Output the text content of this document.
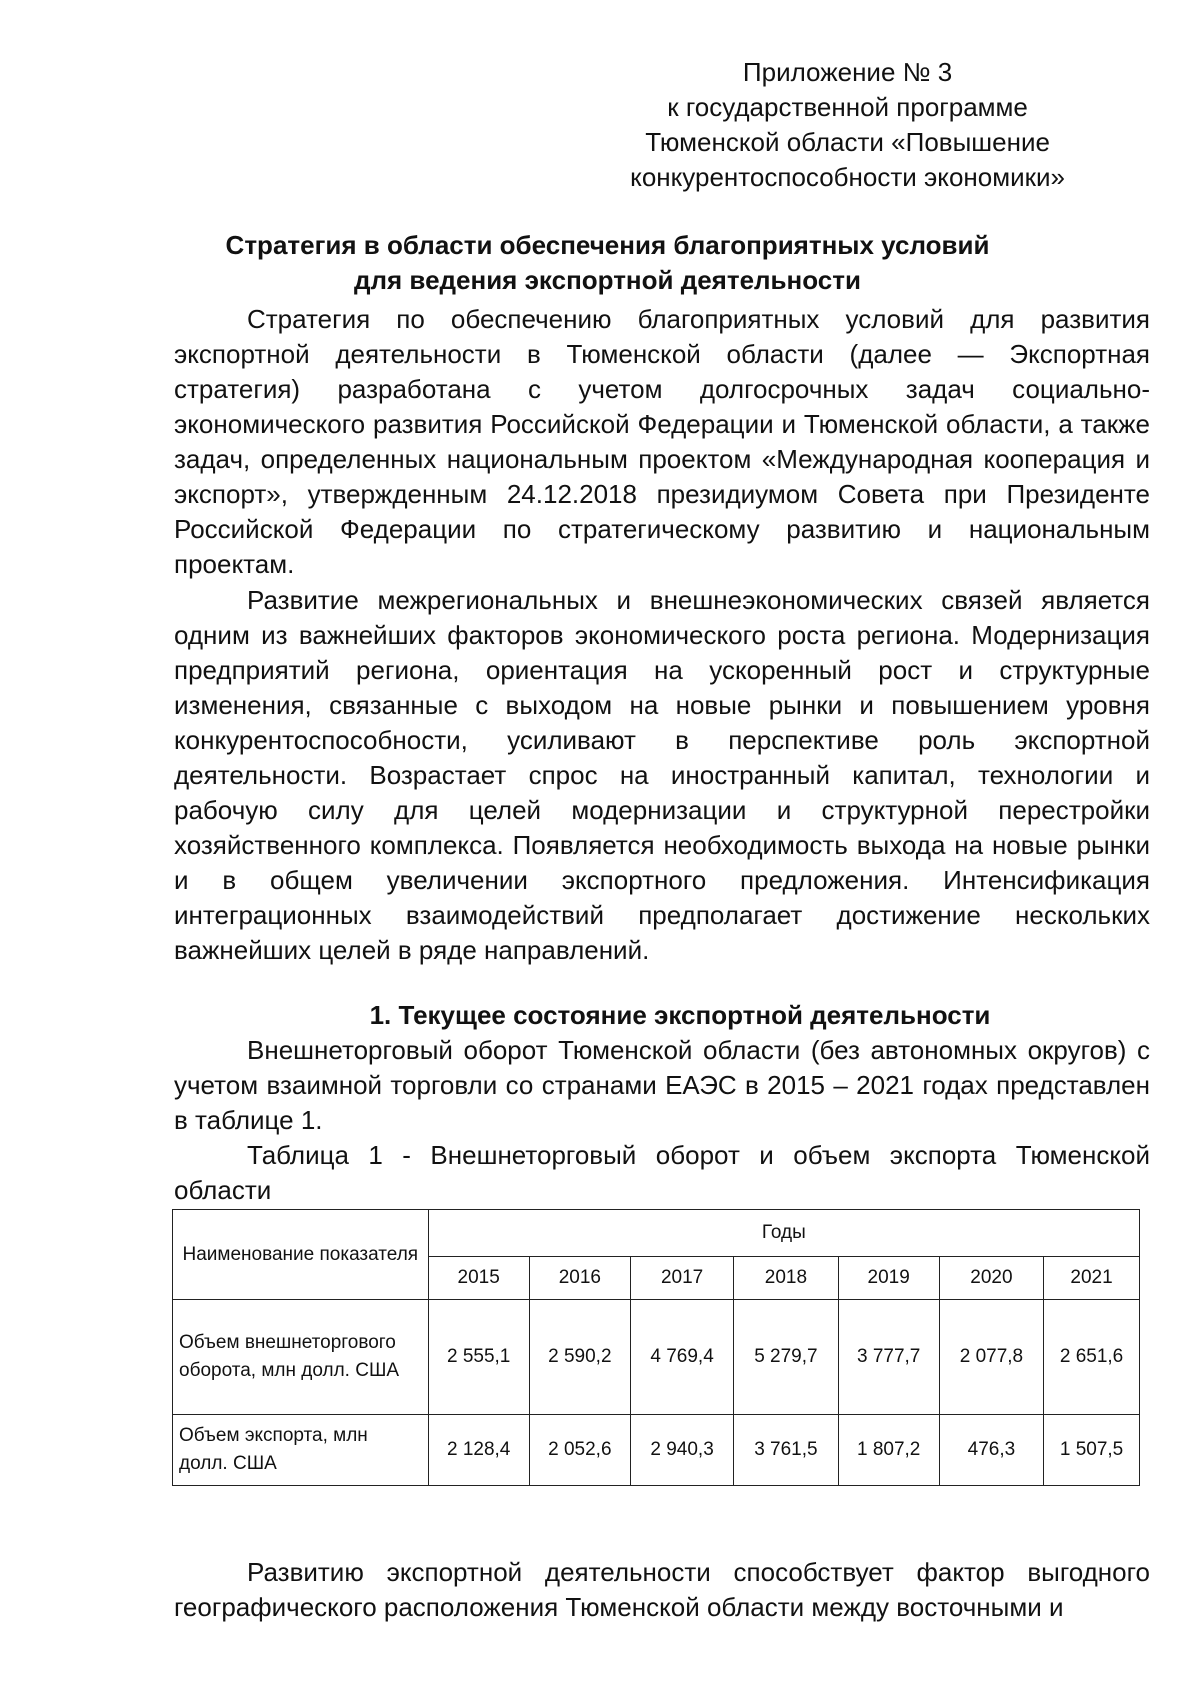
Приложение № 3
к государственной программе
Тюменской области «Повышение
конкурентоспособности экономики»
Стратегия в области обеспечения благоприятных условий
для ведения экспортной деятельности

Стратегия по обеспечению благоприятных условий для развития экспортной деятельности в Тюменской области (далее — Экспортная стратегия) разработана с учетом долгосрочных задач социально-экономического развития Российской Федерации и Тюменской области, а также задач, определенных национальным проектом «Международная кооперация и экспорт», утвержденным 24.12.2018 президиумом Совета при Президенте Российской Федерации по стратегическому развитию и национальным проектам.

Развитие межрегиональных и внешнеэкономических связей является одним из важнейших факторов экономического роста региона. Модернизация предприятий региона, ориентация на ускоренный рост и структурные изменения, связанные с выходом на новые рынки и повышением уровня конкурентоспособности, усиливают в перспективе роль экспортной деятельности. Возрастает спрос на иностранный капитал, технологии и рабочую силу для целей модернизации и структурной перестройки хозяйственного комплекса. Появляется необходимость выхода на новые рынки и в общем увеличении экспортного предложения. Интенсификация интеграционных взаимодействий предполагает достижение нескольких важнейших целей в ряде направлений.

1. Текущее состояние экспортной деятельности

Внешнеторговый оборот Тюменской области (без автономных округов) с учетом взаимной торговли со странами ЕАЭС в 2015 – 2021 годах представлен в таблице 1.

Таблица 1 - Внешнеторговый оборот и объем экспорта Тюменской области

Наименование показателя	Годы						
	2015	2016	2017	2018	2019	2020	2021
Объем внешнеторгового оборота, млн долл. США	2 555,1	2 590,2	4 769,4	5 279,7	3 777,7	2 077,8	2 651,6
Объем экспорта, млн долл. США	2 128,4	2 052,6	2 940,3	3 761,5	1 807,2	476,3	1 507,5

Развитию экспортной деятельности способствует фактор выгодного географического расположения Тюменской области между восточными и
